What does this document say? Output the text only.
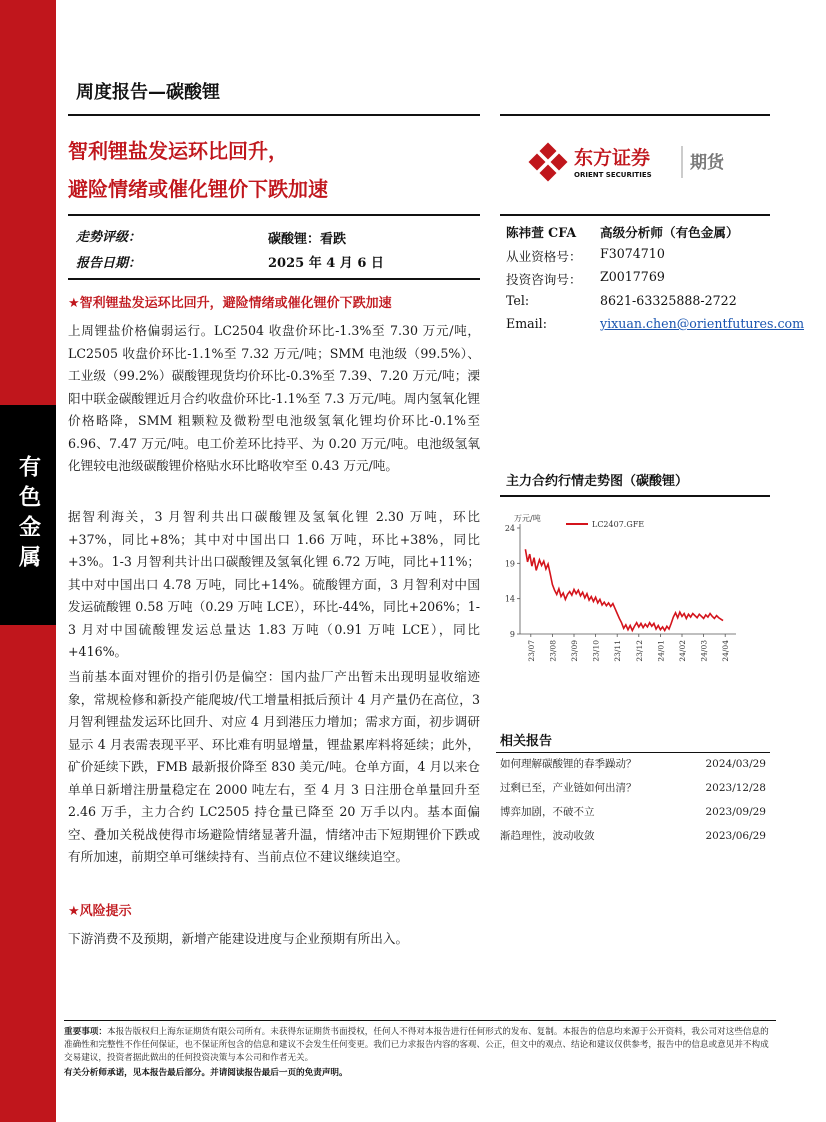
有色金属
周度报告—碳酸锂
智利锂盐发运环比回升，
避险情绪或催化锂价下跌加速
东方证券
ORIENT SECURITIES
期货
走势评级：	碳酸锂：看跌
报告日期：	2025 年 4 月 6 日
陈祎萱 CFA 高级分析师（有色金属）
从业资格号： F3074710
投资咨询号： Z0017769
Tel:	8621-63325888-2722
Email:	yixuan.chen@orientfutures.com
★智利锂盐发运环比回升，避险情绪或催化锂价下跌加速

上周锂盐价格偏弱运行。LC2504 收盘价环比-1.3%至 7.30 万元/吨，LC2505 收盘价环比-1.1%至 7.32 万元/吨；SMM 电池级（99.5%）、工业级（99.2%）碳酸锂现货均价环比-0.3%至 7.39、7.20 万元/吨；溧阳中联金碳酸锂近月合约收盘价环比-1.1%至 7.3 万元/吨。周内氢氧化锂价格略降，SMM 粗颗粒及微粉型电池级氢氧化锂均价环比-0.1%至 6.96、7.47 万元/吨。电工价差环比持平、为 0.20 万元/吨。电池级氢氧化锂较电池级碳酸锂价格贴水环比略收窄至 0.43 万元/吨。

据智利海关，3 月智利共出口碳酸锂及氢氧化锂 2.30 万吨，环比+37%，同比+8%；其中对中国出口 1.66 万吨，环比+38%，同比+3%。1-3 月智利共计出口碳酸锂及氢氧化锂 6.72 万吨，同比+11%；其中对中国出口 4.78 万吨，同比+14%。硫酸锂方面，3 月智利对中国发运硫酸锂 0.58 万吨（0.29 万吨 LCE），环比-44%，同比+206%；1-3 月对中国硫酸锂发运总量达 1.83 万吨（0.91 万吨 LCE），同比+416%。

当前基本面对锂价的指引仍是偏空：国内盐厂产出暂未出现明显收缩迹象，常规检修和新投产能爬坡/代工增量相抵后预计 4 月产量仍在高位，3 月智利锂盐发运环比回升、对应 4 月到港压力增加；需求方面，初步调研显示 4 月表需表现平平、环比难有明显增量，锂盐累库料将延续；此外，矿价延续下跌，FMB 最新报价降至 830 美元/吨。仓单方面，4 月以来仓单单日新增注册量稳定在 2000 吨左右，至 4 月 3 日注册仓单量回升至 2.46 万手，主力合约 LC2505 持仓量已降至 20 万手以内。基本面偏空、叠加关税战使得市场避险情绪显著升温，情绪冲击下短期锂价下跌或有所加速，前期空单可继续持有、当前点位不建议继续追空。

★风险提示

下游消费不及预期，新增产能建设进度与企业预期有所出入。

主力合约行情走势图（碳酸锂）
万元/吨
24
19
14
9
23/07 23/08 23/09 23/10 23/11 23/12 24/01 24/02 24/03 24/04
LC2407.GFE
相关报告
如何理解碳酸锂的春季躁动？	2024/03/29
过剩已至，产业链如何出清？	2023/12/28
博弈加剧，不破不立	2023/09/29
渐趋理性，波动收敛	2023/06/29
重要事项：本报告版权归上海东证期货有限公司所有。未获得东证期货书面授权，任何人不得对本报告进行任何形式的发布、复制。本报告的信息均来源于公开资料，我公司对这些信息的准确性和完整性不作任何保证，也不保证所包含的信息和建议不会发生任何变更。我们已力求报告内容的客观、公正，但文中的观点、结论和建议仅供参考，报告中的信息或意见并不构成交易建议，投资者据此做出的任何投资决策与本公司和作者无关。
有关分析师承诺，见本报告最后部分。并请阅读报告最后一页的免责声明。
